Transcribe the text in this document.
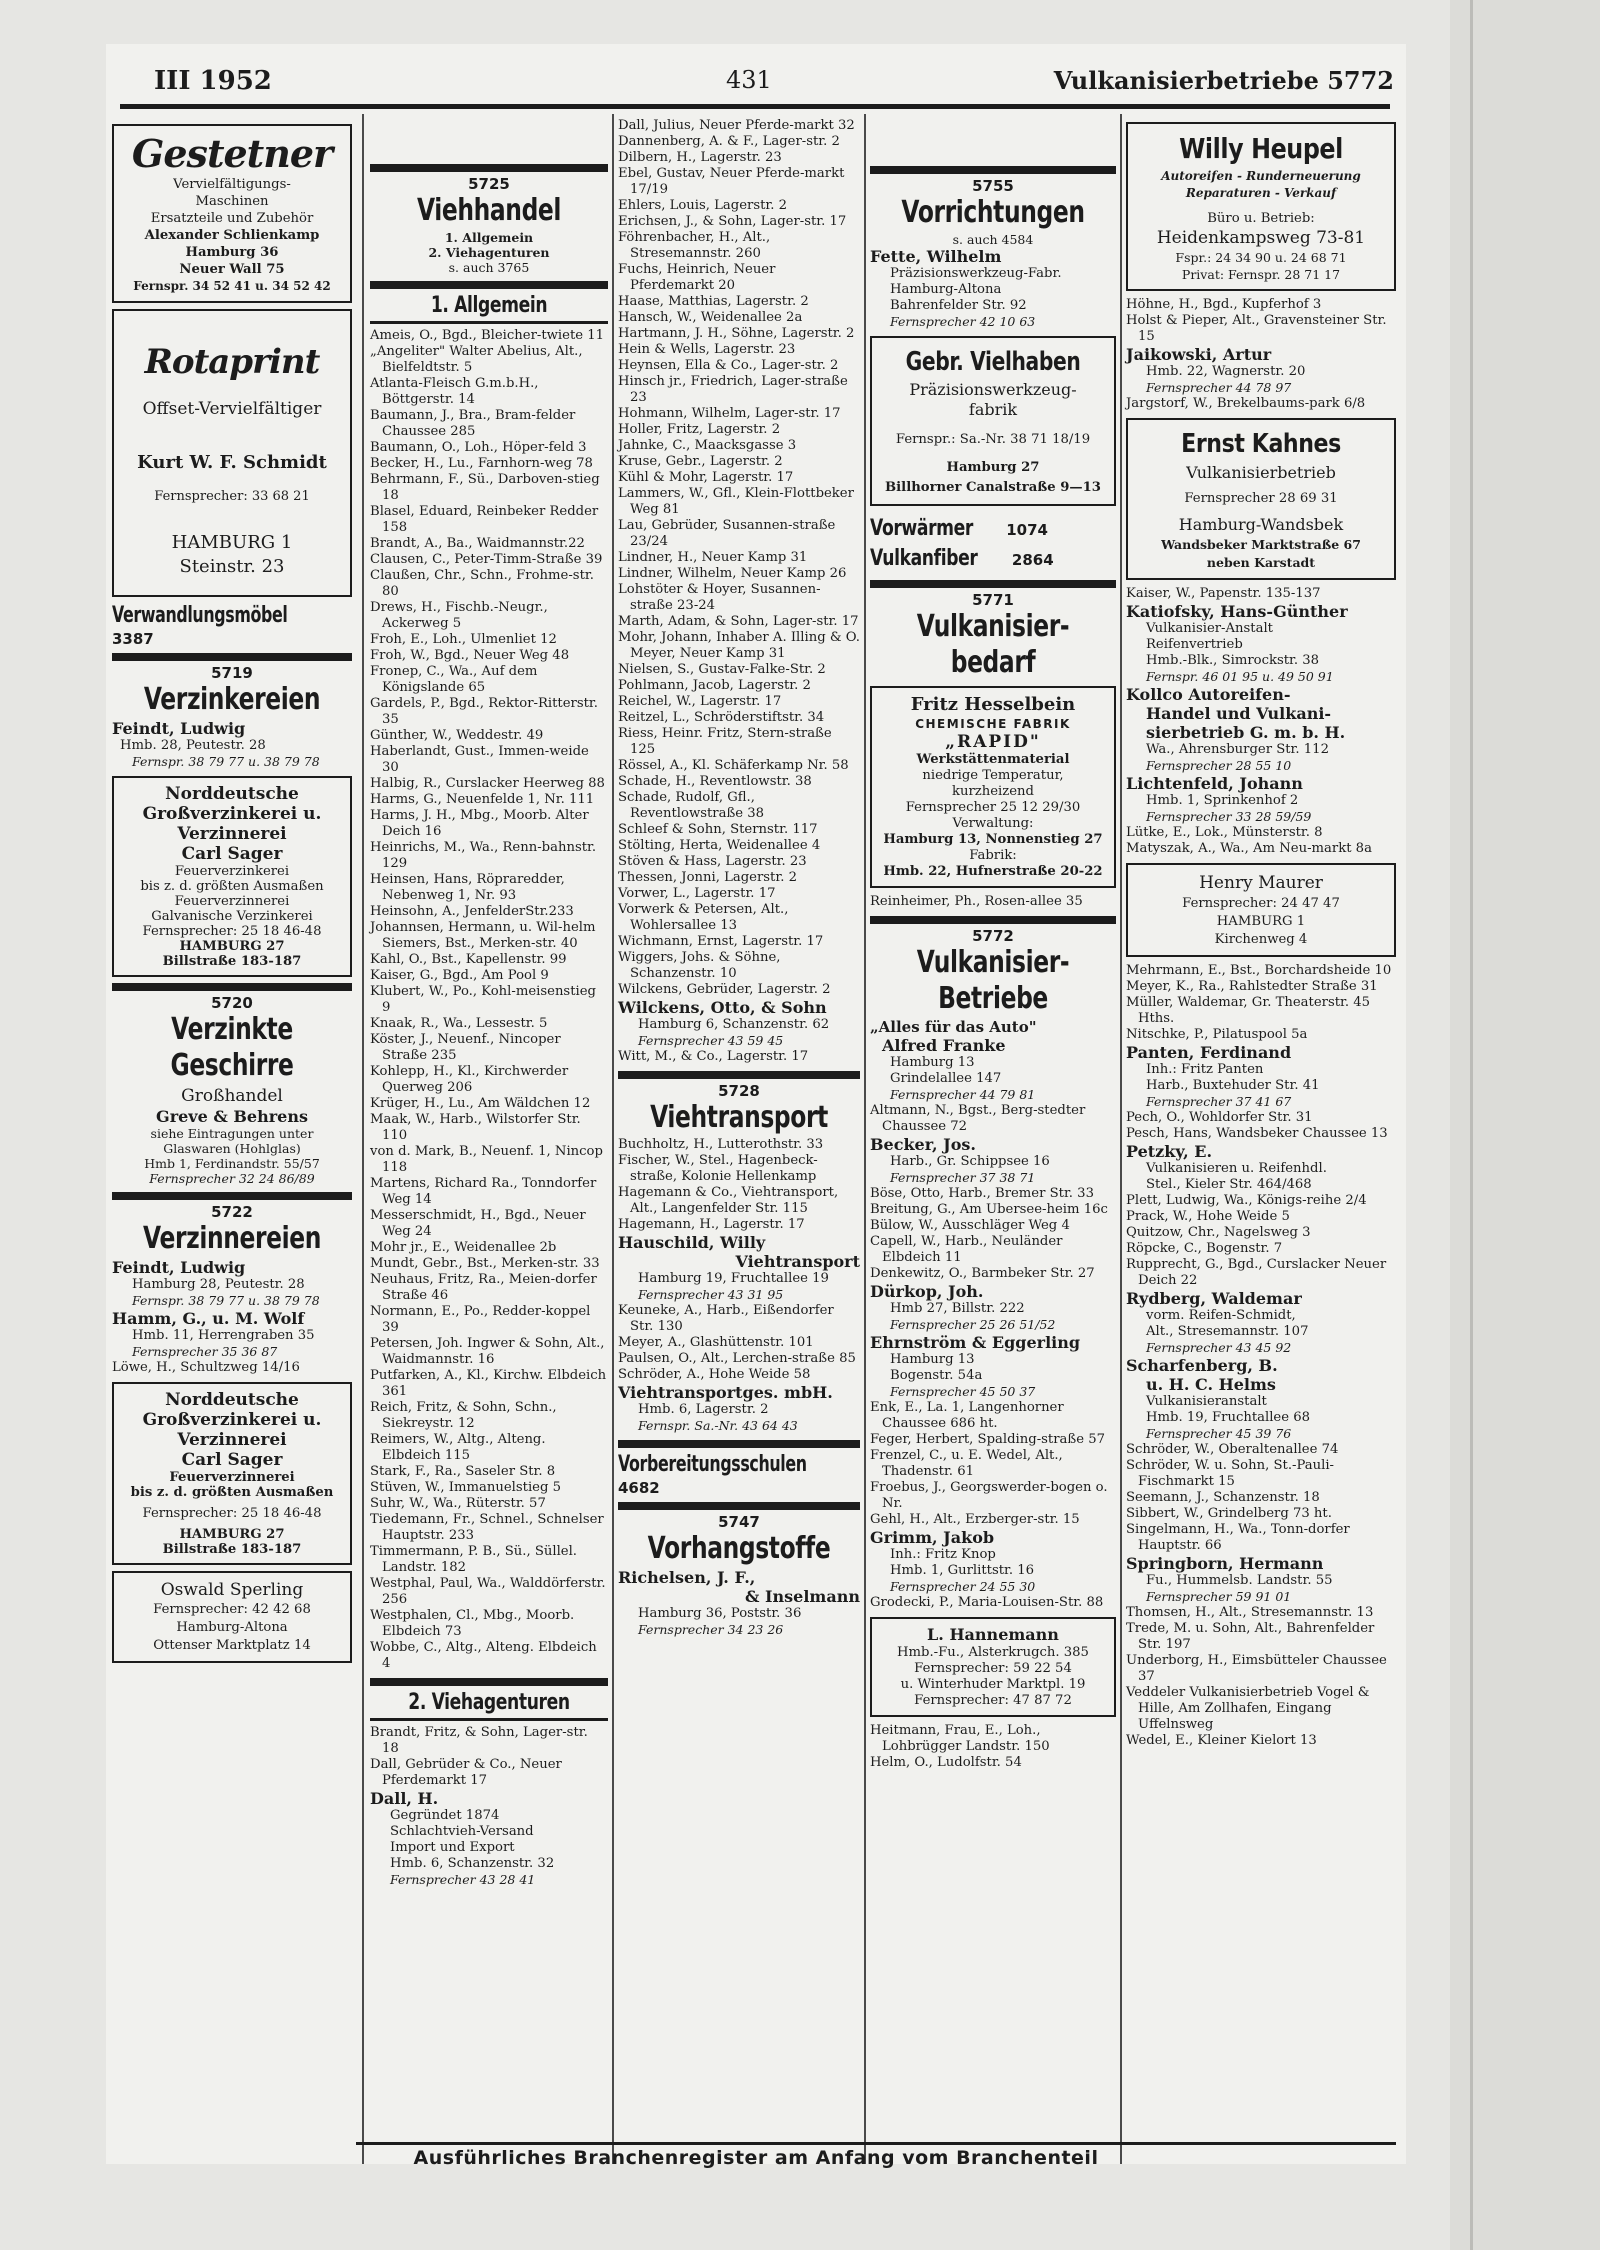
III 1952	431	Vulkanisierbetriebe 5772
Gestetner
Vervielfältigungs-
Maschinen
Ersatzteile und Zubehör
Alexander Schlienkamp
Hamburg 36
Neuer Wall 75
Fernspr. 34 52 41 u. 34 52 42
Rotaprint
Offset-Vervielfältiger
Kurt W. F. Schmidt
Fernsprecher: 33 68 21
HAMBURG 1
Steinstr. 23
Verwandlungsmöbel
3387
5719
Verzinkereien
Feindt, Ludwig
Hmb. 28, Peutestr. 28
Fernspr. 38 79 77 u. 38 79 78
Norddeutsche
Großverzinkerei u.
Verzinnerei
Carl Sager
Feuerverzinkerei
bis z. d. größten Ausmaßen
Feuerverzinnerei
Galvanische Verzinkerei
Fernsprecher: 25 18 46-48
HAMBURG 27
Billstraße 183-187
5720
Verzinkte
Geschirre
Großhandel
Greve & Behrens
siehe Eintragungen unter
Glaswaren (Hohlglas)
Hmb 1, Ferdinandstr. 55/57
Fernsprecher 32 24 86/89
5722
Verzinnereien
Feindt, Ludwig
Hamburg 28, Peutestr. 28
Fernspr. 38 79 77 u. 38 79 78
Hamm, G., u. M. Wolf
Hmb. 11, Herrengraben 35
Fernsprecher 35 36 87
Löwe, H., Schultzweg 14/16
Norddeutsche
Großverzinkerei u.
Verzinnerei
Carl Sager
Feuerverzinnerei
bis z. d. größten Ausmaßen
Fernsprecher: 25 18 46-48
HAMBURG 27
Billstraße 183-187
Oswald Sperling
Fernsprecher: 42 42 68
Hamburg-Altona
Ottenser Marktplatz 14
5725
Viehhandel
1. Allgemein
2. Viehagenturen
s. auch 3765
1. Allgemein
Ameis, O., Bgd., Bleicher-twiete 11
„Angeliter" Walter Abelius, Alt., Bielfeldtstr. 5
Atlanta-Fleisch G.m.b.H., Böttgerstr. 14
Baumann, J., Bra., Bram-felder Chaussee 285
Baumann, O., Loh., Höper-feld 3
Becker, H., Lu., Farnhorn-weg 78
Behrmann, F., Sü., Darboven-stieg 18
Blasel, Eduard, Reinbeker Redder 158
Brandt, A., Ba., Waidmannstr.22
Clausen, C., Peter-Timm-Straße 39
Claußen, Chr., Schn., Frohme-str. 80
Drews, H., Fischb.-Neugr., Ackerweg 5
Froh, E., Loh., Ulmenliet 12
Froh, W., Bgd., Neuer Weg 48
Fronep, C., Wa., Auf dem Königslande 65
Gardels, P., Bgd., Rektor-Ritterstr. 35
Günther, W., Weddestr. 49
Haberlandt, Gust., Immen-weide 30
Halbig, R., Curslacker Heerweg 88
Harms, G., Neuenfelde 1, Nr. 111
Harms, J. H., Mbg., Moorb. Alter Deich 16
Heinrichs, M., Wa., Renn-bahnstr. 129
Heinsen, Hans, Röpraredder, Nebenweg 1, Nr. 93
Heinsohn, A., JenfelderStr.233
Johannsen, Hermann, u. Wil-helm Siemers, Bst., Merken-str. 40
Kahl, O., Bst., Kapellenstr. 99
Kaiser, G., Bgd., Am Pool 9
Klubert, W., Po., Kohl-meisenstieg 9
Knaak, R., Wa., Lessestr. 5
Köster, J., Neuenf., Nincoper Straße 235
Kohlepp, H., Kl., Kirchwerder Querweg 206
Krüger, H., Lu., Am Wäldchen 12
Maak, W., Harb., Wilstorfer Str. 110
von d. Mark, B., Neuenf. 1, Nincop 118
Martens, Richard Ra., Tonndorfer Weg 14
Messerschmidt, H., Bgd., Neuer Weg 24
Mohr jr., E., Weidenallee 2b
Mundt, Gebr., Bst., Merken-str. 33
Neuhaus, Fritz, Ra., Meien-dorfer Straße 46
Normann, E., Po., Redder-koppel 39
Petersen, Joh. Ingwer & Sohn, Alt., Waidmannstr. 16
Putfarken, A., Kl., Kirchw. Elbdeich 361
Reich, Fritz, & Sohn, Schn., Siekreystr. 12
Reimers, W., Altg., Alteng. Elbdeich 115
Stark, F., Ra., Saseler Str. 8
Stüven, W., Immanuelstieg 5
Suhr, W., Wa., Rüterstr. 57
Tiedemann, Fr., Schnel., Schnelser Hauptstr. 233
Timmermann, P. B., Sü., Süllel. Landstr. 182
Westphal, Paul, Wa., Walddörferstr. 256
Westphalen, Cl., Mbg., Moorb. Elbdeich 73
Wobbe, C., Altg., Alteng. Elbdeich 4
2. Viehagenturen
Brandt, Fritz, & Sohn, Lager-str. 18
Dall, Gebrüder & Co., Neuer Pferdemarkt 17
Dall, H.
Gegründet 1874
Schlachtvieh-Versand
Import und Export
Hmb. 6, Schanzenstr. 32
Fernsprecher 43 28 41
Dall, Julius, Neuer Pferde-markt 32
Dannenberg, A. & F., Lager-str. 2
Dilbern, H., Lagerstr. 23
Ebel, Gustav, Neuer Pferde-markt 17/19
Ehlers, Louis, Lagerstr. 2
Erichsen, J., & Sohn, Lager-str. 17
Föhrenbacher, H., Alt., Stresemannstr. 260
Fuchs, Heinrich, Neuer Pferdemarkt 20
Haase, Matthias, Lagerstr. 2
Hansch, W., Weidenallee 2a
Hartmann, J. H., Söhne, Lagerstr. 2
Hein & Wells, Lagerstr. 23
Heynsen, Ella & Co., Lager-str. 2
Hinsch jr., Friedrich, Lager-straße 23
Hohmann, Wilhelm, Lager-str. 17
Holler, Fritz, Lagerstr. 2
Jahnke, C., Maacksgasse 3
Kruse, Gebr., Lagerstr. 2
Kühl & Mohr, Lagerstr. 17
Lammers, W., Gfl., Klein-Flottbeker Weg 81
Lau, Gebrüder, Susannen-straße 23/24
Lindner, H., Neuer Kamp 31
Lindner, Wilhelm, Neuer Kamp 26
Lohstöter & Hoyer, Susannen-straße 23-24
Marth, Adam, & Sohn, Lager-str. 17
Mohr, Johann, Inhaber A. Illing & O. Meyer, Neuer Kamp 31
Nielsen, S., Gustav-Falke-Str. 2
Pohlmann, Jacob, Lagerstr. 2
Reichel, W., Lagerstr. 17
Reitzel, L., Schröderstiftstr. 34
Riess, Heinr. Fritz, Stern-straße 125
Rössel, A., Kl. Schäferkamp Nr. 58
Schade, H., Reventlowstr. 38
Schade, Rudolf, Gfl., Reventlowstraße 38
Schleef & Sohn, Sternstr. 117
Stölting, Herta, Weidenallee 4
Stöven & Hass, Lagerstr. 23
Thessen, Jonni, Lagerstr. 2
Vorwer, L., Lagerstr. 17
Vorwerk & Petersen, Alt., Wohlersallee 13
Wichmann, Ernst, Lagerstr. 17
Wiggers, Johs. & Söhne, Schanzenstr. 10
Wilckens, Gebrüder, Lagerstr. 2
Wilckens, Otto, & Sohn
Hamburg 6, Schanzenstr. 62
Fernsprecher 43 59 45
Witt, M., & Co., Lagerstr. 17
5728
Viehtransport
Buchholtz, H., Lutterothstr. 33
Fischer, W., Stel., Hagenbeck-straße, Kolonie Hellenkamp
Hagemann & Co., Viehtransport, Alt., Langenfelder Str. 115
Hagemann, H., Lagerstr. 17
Hauschild, Willy
Viehtransport
Hamburg 19, Fruchtallee 19
Fernsprecher 43 31 95
Keuneke, A., Harb., Eißendorfer Str. 130
Meyer, A., Glashüttenstr. 101
Paulsen, O., Alt., Lerchen-straße 85
Schröder, A., Hohe Weide 58
Viehtransportges. mbH.
Hmb. 6, Lagerstr. 2
Fernspr. Sa.-Nr. 43 64 43
Vorbereitungsschulen
4682
5747
Vorhangstoffe
Richelsen, J. F.,
& Inselmann
Hamburg 36, Poststr. 36
Fernsprecher 34 23 26
5755
Vorrichtungen
s. auch 4584
Fette, Wilhelm
Präzisionswerkzeug-Fabr.
Hamburg-Altona
Bahrenfelder Str. 92
Fernsprecher 42 10 63
Gebr. Vielhaben
Präzisionswerkzeug-
fabrik
Fernspr.: Sa.-Nr. 38 71 18/19
Hamburg 27
Billhorner Canalstraße 9—13
Vorwärmer 1074
Vulkanfiber 2864
5771
Vulkanisier-
bedarf
Fritz Hesselbein
CHEMISCHE FABRIK
„RAPID"
Werkstättenmaterial
niedrige Temperatur,
kurzheizend
Fernsprecher 25 12 29/30
Verwaltung:
Hamburg 13, Nonnenstieg 27
Fabrik:
Hmb. 22, Hufnerstraße 20-22
Reinheimer, Ph., Rosen-allee 35
5772
Vulkanisier-
Betriebe
„Alles für das Auto"
Alfred Franke
Hamburg 13
Grindelallee 147
Fernsprecher 44 79 81
Altmann, N., Bgst., Berg-stedter Chaussee 72
Becker, Jos.
Harb., Gr. Schippsee 16
Fernsprecher 37 38 71
Böse, Otto, Harb., Bremer Str. 33
Breitung, G., Am Ubersee-heim 16c
Bülow, W., Ausschläger Weg 4
Capell, W., Harb., Neuländer Elbdeich 11
Denkewitz, O., Barmbeker Str. 27
Dürkop, Joh.
Hmb 27, Billstr. 222
Fernsprecher 25 26 51/52
Ehrnström & Eggerling
Hamburg 13
Bogenstr. 54a
Fernsprecher 45 50 37
Enk, E., La. 1, Langenhorner Chaussee 686 ht.
Feger, Herbert, Spalding-straße 57
Frenzel, C., u. E. Wedel, Alt., Thadenstr. 61
Froebus, J., Georgswerder-bogen o. Nr.
Gehl, H., Alt., Erzberger-str. 15
Grimm, Jakob
Inh.: Fritz Knop
Hmb. 1, Gurlittstr. 16
Fernsprecher 24 55 30
Grodecki, P., Maria-Louisen-Str. 88
L. Hannemann
Hmb.-Fu., Alsterkrugch. 385
Fernsprecher: 59 22 54
u. Winterhuder Marktpl. 19
Fernsprecher: 47 87 72
Heitmann, Frau, E., Loh., Lohbrügger Landstr. 150
Helm, O., Ludolfstr. 54
Willy Heupel
Autoreifen - Runderneuerung
Reparaturen - Verkauf
Büro u. Betrieb:
Heidenkampsweg 73-81
Fspr.: 24 34 90 u. 24 68 71
Privat: Fernspr. 28 71 17
Höhne, H., Bgd., Kupferhof 3
Holst & Pieper, Alt., Gravensteiner Str. 15
Jaikowski, Artur
Hmb. 22, Wagnerstr. 20
Fernsprecher 44 78 97
Jargstorf, W., Brekelbaums-park 6/8
Ernst Kahnes
Vulkanisierbetrieb
Fernsprecher 28 69 31
Hamburg-Wandsbek
Wandsbeker Marktstraße 67
neben Karstadt
Kaiser, W., Papenstr. 135-137
Katiofsky, Hans-Günther
Vulkanisier-Anstalt
Reifenvertrieb
Hmb.-Blk., Simrockstr. 38
Fernspr. 46 01 95 u. 49 50 91
Kollco Autoreifen-
Handel und Vulkani-
sierbetrieb G. m. b. H.
Wa., Ahrensburger Str. 112
Fernsprecher 28 55 10
Lichtenfeld, Johann
Hmb. 1, Sprinkenhof 2
Fernsprecher 33 28 59/59
Lütke, E., Lok., Münsterstr. 8
Matyszak, A., Wa., Am Neu-markt 8a
Henry Maurer
Fernsprecher: 24 47 47
HAMBURG 1
Kirchenweg 4
Mehrmann, E., Bst., Borchardsheide 10
Meyer, K., Ra., Rahlstedter Straße 31
Müller, Waldemar, Gr. Theaterstr. 45 Hths.
Nitschke, P., Pilatuspool 5a
Panten, Ferdinand
Inh.: Fritz Panten
Harb., Buxtehuder Str. 41
Fernsprecher 37 41 67
Pech, O., Wohldorfer Str. 31
Pesch, Hans, Wandsbeker Chaussee 13
Petzky, E.
Vulkanisieren u. Reifenhdl.
Stel., Kieler Str. 464/468
Plett, Ludwig, Wa., Königs-reihe 2/4
Prack, W., Hohe Weide 5
Quitzow, Chr., Nagelsweg 3
Röpcke, C., Bogenstr. 7
Rupprecht, G., Bgd., Curslacker Neuer Deich 22
Rydberg, Waldemar
vorm. Reifen-Schmidt,
Alt., Stresemannstr. 107
Fernsprecher 43 45 92
Scharfenberg, B.
u. H. C. Helms
Vulkanisieranstalt
Hmb. 19, Fruchtallee 68
Fernsprecher 45 39 76
Schröder, W., Oberaltenallee 74
Schröder, W. u. Sohn, St.-Pauli-Fischmarkt 15
Seemann, J., Schanzenstr. 18
Sibbert, W., Grindelberg 73 ht.
Singelmann, H., Wa., Tonn-dorfer Hauptstr. 66
Springborn, Hermann
Fu., Hummelsb. Landstr. 55
Fernsprecher 59 91 01
Thomsen, H., Alt., Stresemannstr. 13
Trede, M. u. Sohn, Alt., Bahrenfelder Str. 197
Underborg, H., Eimsbütteler Chaussee 37
Veddeler Vulkanisierbetrieb Vogel & Hille, Am Zollhafen, Eingang Uffelnsweg
Wedel, E., Kleiner Kielort 13
Ausführliches Branchenregister am Anfang vom Branchenteil
